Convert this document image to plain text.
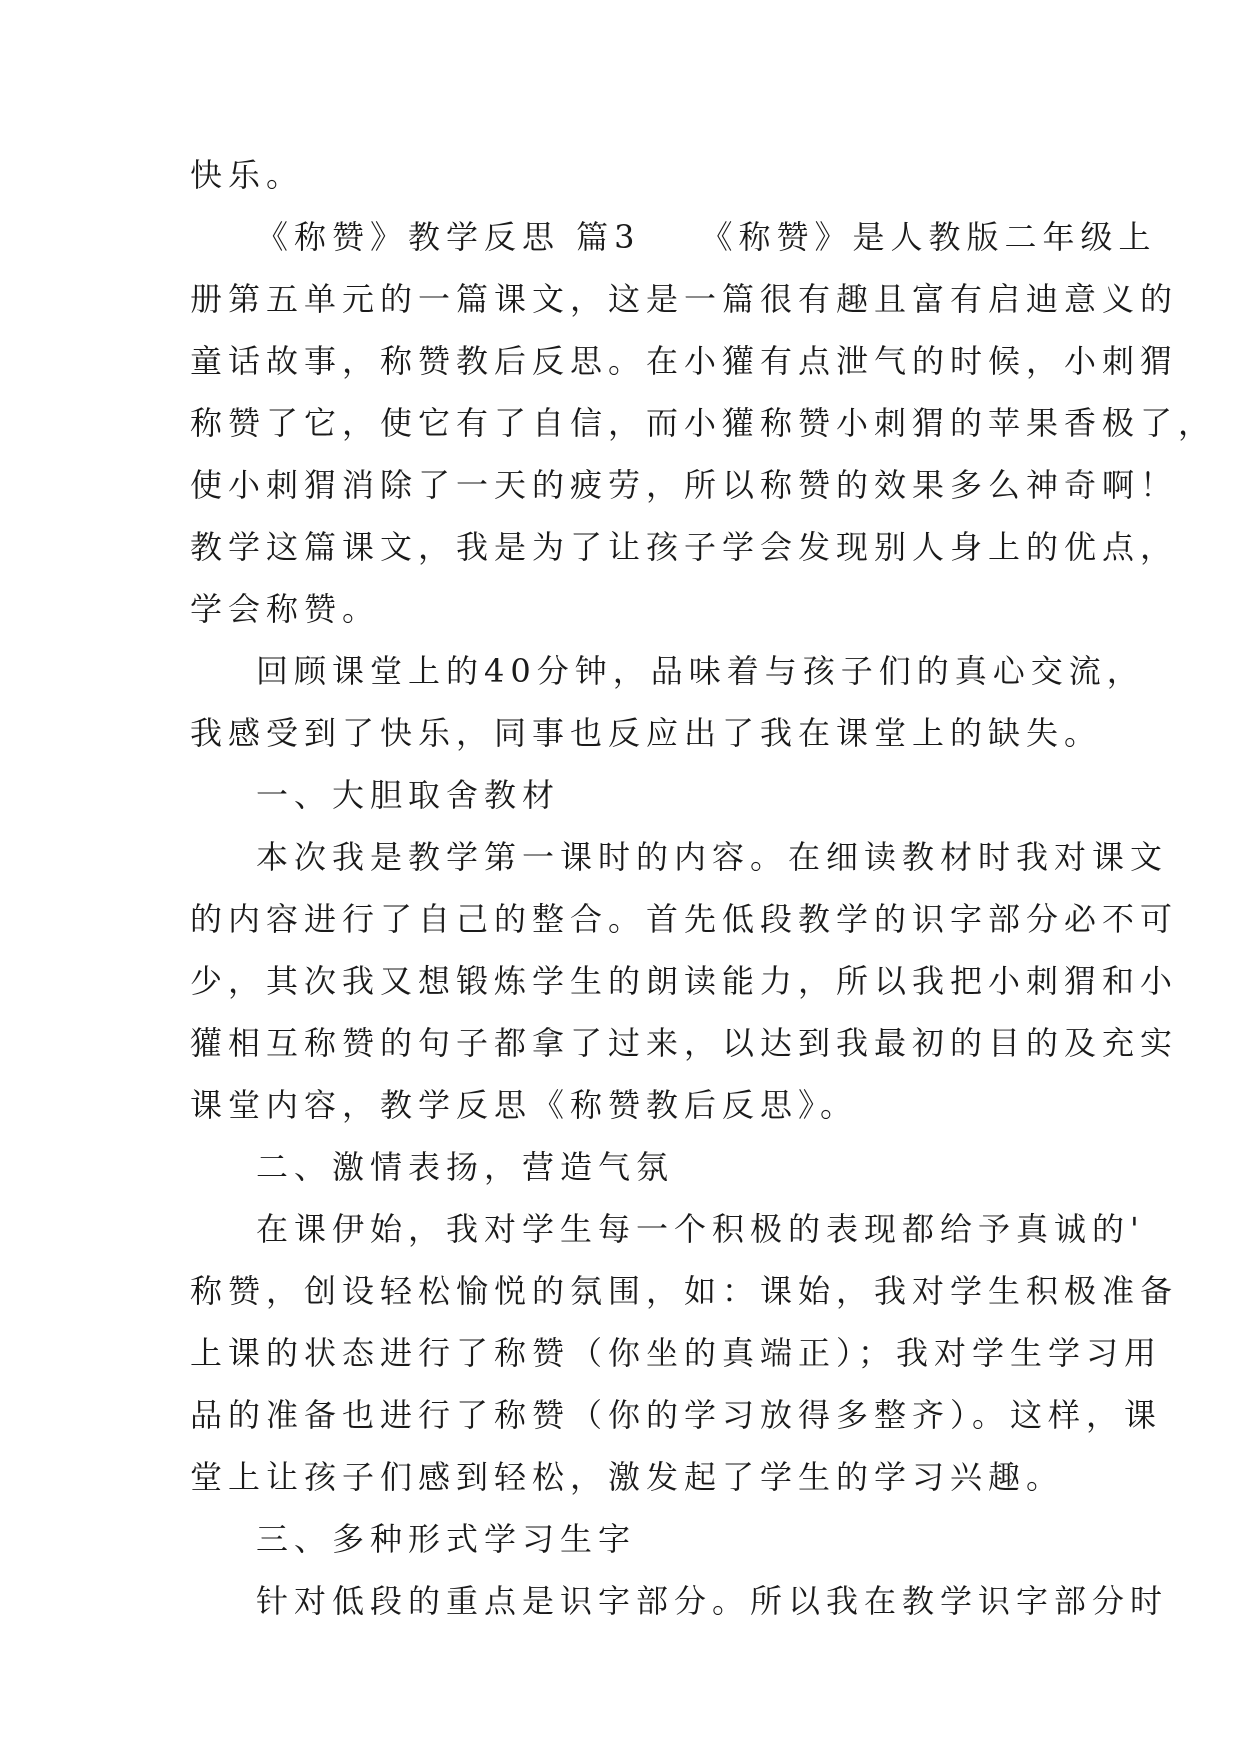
快乐。
《称赞》教学反思 篇3　　《称赞》是人教版二年级上
册第五单元的一篇课文，这是一篇很有趣且富有启迪意义的
童话故事，称赞教后反思。在小獾有点泄气的时候，小刺猬
称赞了它，使它有了自信，而小獾称赞小刺猬的苹果香极了，
使小刺猬消除了一天的疲劳，所以称赞的效果多么神奇啊！
教学这篇课文，我是为了让孩子学会发现别人身上的优点，
学会称赞。
回顾课堂上的40分钟，品味着与孩子们的真心交流，
我感受到了快乐，同事也反应出了我在课堂上的缺失。
一、大胆取舍教材
本次我是教学第一课时的内容。在细读教材时我对课文
的内容进行了自己的整合。首先低段教学的识字部分必不可
少，其次我又想锻炼学生的朗读能力，所以我把小刺猬和小
獾相互称赞的句子都拿了过来，以达到我最初的目的及充实
课堂内容，教学反思《称赞教后反思》。
二、激情表扬，营造气氛
在课伊始，我对学生每一个积极的表现都给予真诚的'
称赞，创设轻松愉悦的氛围，如：课始，我对学生积极准备
上课的状态进行了称赞（你坐的真端正）；我对学生学习用
品的准备也进行了称赞（你的学习放得多整齐）。这样，课
堂上让孩子们感到轻松，激发起了学生的学习兴趣。
三、多种形式学习生字
针对低段的重点是识字部分。所以我在教学识字部分时
